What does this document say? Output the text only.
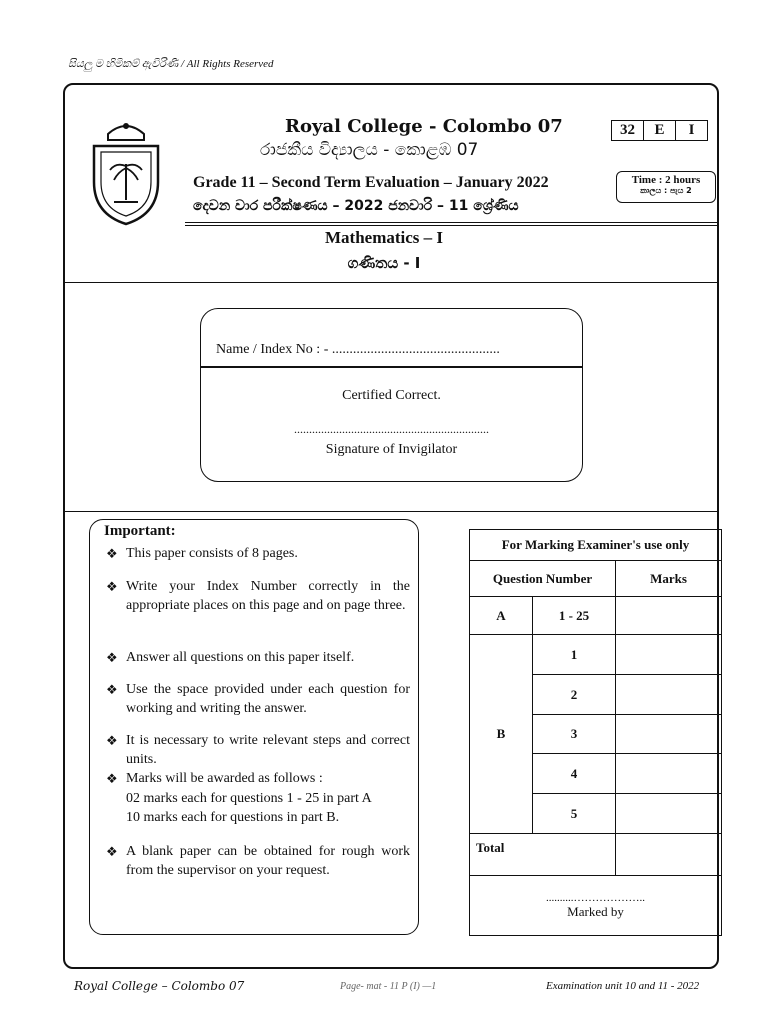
සියලු ම හිමිකම් ඇවිරිණි / All Rights Reserved
Royal College - Colombo 07
රාජකීය විද්‍යාලය - කොළඹ 07
32	E	I
Grade 11 – Second Term Evaluation – January 2022
දෙවන වාර පරීක්ෂණය – 2022 ජනවාරි – 11 ශ්‍රේණිය
Time : 2 hours
කාලය : පැය 2
Mathematics – I
ගණිතය - I
Name / Index No : - ................................................
Certified Correct.
.................................................................
Signature of Invigilator
Important:
❖ This paper consists of 8 pages.
❖ Write your Index Number correctly in the appropriate places on this page and on page three.
❖ Answer all questions on this paper itself.
❖ Use the space provided under each question for working and writing the answer.
❖ It is necessary to write relevant steps and correct units.
❖ Marks will be awarded as follows :
02 marks each for questions 1 - 25 in part A
10 marks each for questions in part B.
❖ A blank paper can be obtained for rough work from the supervisor on your request.
For Marking Examiner's use only		
Question Number		Marks
A	1 - 25	
B	1	
	2	
	3	
	4	
	5	
Total		

..........………………..
Marked by		
Royal College – Colombo 07	Page- mat - 11 P (I) —1	Examination unit 10 and 11 - 2022
